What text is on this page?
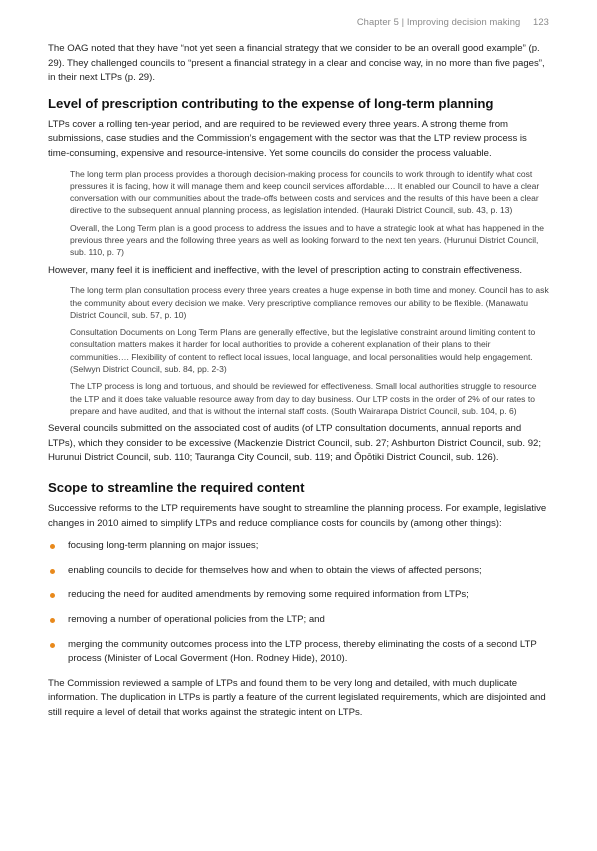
Chapter 5 | Improving decision making 123

The OAG noted that they have “not yet seen a financial strategy that we consider to be an overall good example” (p. 29). They challenged councils to “present a financial strategy in a clear and concise way, in no more than five pages”, in their next LTPs (p. 29).

Level of prescription contributing to the expense of long-term planning

LTPs cover a rolling ten-year period, and are required to be reviewed every three years. A strong theme from submissions, case studies and the Commission’s engagement with the sector was that the LTP review process is time-consuming, expensive and resource-intensive. Yet some councils do consider the process valuable.

The long term plan process provides a thorough decision-making process for councils to work through to identify what cost pressures it is facing, how it will manage them and keep council services affordable…. It enabled our Council to have a clear conversation with our communities about the trade-offs between costs and services and the results of this have been a clear directive to the subsequent annual planning process, as legislation intended. (Hauraki District Council, sub. 43, p. 13)

Overall, the Long Term plan is a good process to address the issues and to have a strategic look at what has happened in the previous three years and the following three years as well as looking forward to the next ten years. (Hurunui District Council, sub. 110, p. 7)

However, many feel it is inefficient and ineffective, with the level of prescription acting to constrain effectiveness.

The long term plan consultation process every three years creates a huge expense in both time and money. Council has to ask the community about every decision we make. Very prescriptive compliance removes our ability to be flexible. (Manawatu District Council, sub. 57, p. 10)

Consultation Documents on Long Term Plans are generally effective, but the legislative constraint around limiting content to consultation matters makes it harder for local authorities to provide a coherent explanation of their plans to their communities…. Flexibility of content to reflect local issues, local language, and local personalities would help engagement. (Selwyn District Council, sub. 84, pp. 2-3)

The LTP process is long and tortuous, and should be reviewed for effectiveness. Small local authorities struggle to resource the LTP and it does take valuable resource away from day to day business. Our LTP costs in the order of 2% of our rates to prepare and have audited, and that is without the internal staff costs. (South Wairarapa District Council, sub. 104, p. 6)

Several councils submitted on the associated cost of audits (of LTP consultation documents, annual reports and LTPs), which they consider to be excessive (Mackenzie District Council, sub. 27; Ashburton District Council, sub. 92; Hurunui District Council, sub. 110; Tauranga City Council, sub. 119; and Ōpōtiki District Council, sub. 126).

Scope to streamline the required content

Successive reforms to the LTP requirements have sought to streamline the planning process. For example, legislative changes in 2010 aimed to simplify LTPs and reduce compliance costs for councils by (among other things):

focusing long-term planning on major issues;
enabling councils to decide for themselves how and when to obtain the views of affected persons;
reducing the need for audited amendments by removing some required information from LTPs;
removing a number of operational policies from the LTP; and
merging the community outcomes process into the LTP process, thereby eliminating the costs of a second LTP process (Minister of Local Goverment (Hon. Rodney Hide), 2010).

The Commission reviewed a sample of LTPs and found them to be very long and detailed, with much duplicate information. The duplication in LTPs is partly a feature of the current legislated requirements, which are disjointed and still require a level of detail that works against the strategic intent on LTPs.
